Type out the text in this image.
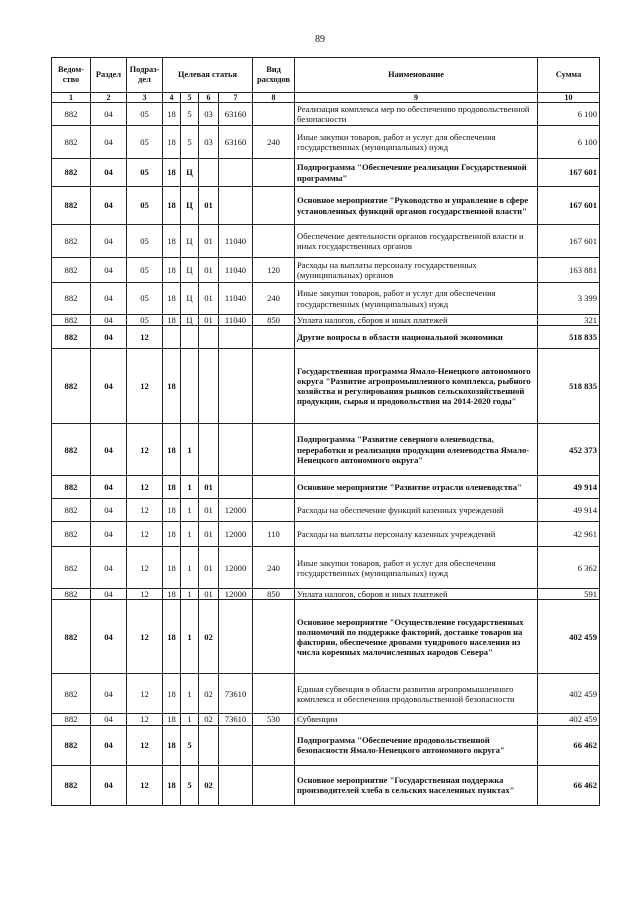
89
Ведом-
ство	Раздел	Подраз-
дел	Целевая статья				Вид
расходов	Наименование	Сумма
1	2	3	4	5	6	7	8	9	10
882	04	05	18	5	03	63160		Реализация комплекса мер по обеспечению продовольственной безопасности	6 100
882	04	05	18	5	03	63160	240	Иные закупки товаров, работ и услуг для обеспечения государственных (муниципальных) нужд	6 100
882	04	05	18	Ц				Подпрограмма "Обеспечение реализации Государственной программы"	167 601
882	04	05	18	Ц	01			Основное мероприятие "Руководство и управление в сфере установленных функций органов государственной власти"	167 601
882	04	05	18	Ц	01	11040		Обеспечение деятельности органов государственной власти и иных государственных органов	167 601
882	04	05	18	Ц	01	11040	120	Расходы на выплаты персоналу государственных (муниципальных) органов	163 881
882	04	05	18	Ц	01	11040	240	Иные закупки товаров, работ и услуг для обеспечения государственных (муниципальных) нужд	3 399
882	04	05	18	Ц	01	11040	850	Уплата налогов, сборов и иных платежей	321
882	04	12						Другие вопросы в области национальной экономики	518 835
882	04	12	18					Государственная программа Ямало-Ненецкого автономного округа "Развитие агропромышленного комплекса, рыбного хозяйства и регулирования рынков сельскохозяйственной продукции, сырья и продовольствия на 2014-2020 годы"	518 835
882	04	12	18	1				Подпрограмма "Развитие северного оленеводства, переработки и реализации продукции оленеводства Ямало-Ненецкого автономного округа"	452 373
882	04	12	18	1	01			Основное мероприятие "Развитие отрасли оленеводства"	49 914
882	04	12	18	1	01	12000		Расходы на обеспечение функций казенных учреждений	49 914
882	04	12	18	1	01	12000	110	Расходы на выплаты персоналу казенных учреждений	42 961
882	04	12	18	1	01	12000	240	Иные закупки товаров, работ и услуг для обеспечения государственных (муниципальных) нужд	6 362
882	04	12	18	1	01	12000	850	Уплата налогов, сборов и иных платежей	591
882	04	12	18	1	02			Основное мероприятие "Осуществление государственных полномочий по поддержке факторий, доставке товаров на фактории, обеспечение дровами тундрового населения из числа коренных малочисленных народов Севера"	402 459
882	04	12	18	1	02	73610		Единая субвенция в области развития агропромышленного комплекса и обеспечения продовольственной безопасности	402 459
882	04	12	18	1	02	73610	530	Субвенции	402 459
882	04	12	18	5				Подпрограмма "Обеспечение продовольственной безопасности Ямало-Ненецкого автономного округа"	66 462
882	04	12	18	5	02			Основное мероприятие "Государственная поддержка производителей хлеба в сельских населенных пунктах"	66 462
